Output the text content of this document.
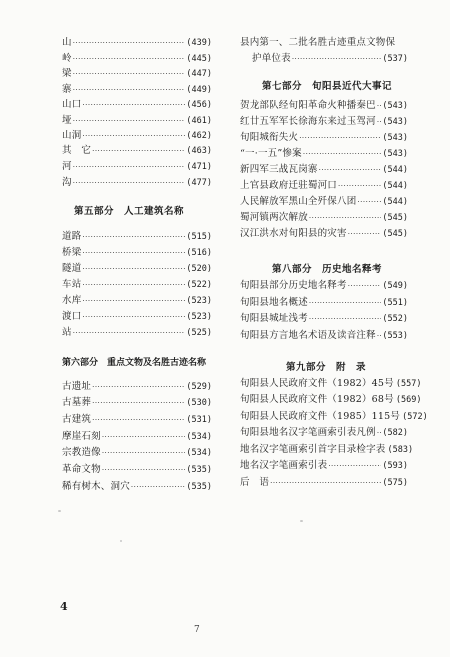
山 ·····	(439)
岭 ·····	(445)
梁 ·····	(447)
寨 ·····	(449)
山口 ·····	(456)
垭 ·····	(461)
山洞 ·····	(462)
其　它 ·····	(463)
河 ·····	(471)
沟 ·····	(477)
第五部分　人工建筑名称
道路 ·····	(515)
桥梁 ·····	(516)
隧道 ·····	(520)
车站 ·····	(522)
水库 ·····	(523)
渡口 ·····	(523)
站 ·····	(525)
第六部分　重点文物及名胜古迹名称
古遗址 ·····	(529)
古墓葬 ·····	(530)
古建筑 ·····	(531)
摩崖石刻 ·····	(534)
宗教造像 ·····	(534)
革命文物 ·····	(535)
稀有树木、洞穴 ·····	(535)
县内第一、二批名胜古迹重点文物保
护单位表 ·····	(537)
第七部分　旬阳县近代大事记
贺龙部队经旬阳革命火种播秦巴 ····· (543)
红廿五军军长徐海东来过玉驾河 ····· (543)
旬阳城衔失火 ·····	(543)
“一·一五”惨案 ·····	(543)
新四军三战瓦岗寨 ·····	(544)
上官县政府迁驻蜀河口 ·····	(544)
人民解放军黑山全歼保八团 ·····	(544)
蜀河镇两次解放 ·····	(545)
汉江洪水对旬阳县的灾害 ·····	(545)
第八部分　历史地名释考
旬阳县部分历史地名释考 ·····	(549)
旬阳县地名概述 ·····	(551)
旬阳县城址浅考 ·····	(552)
旬阳县方言地名术语及读音注释 ····· (553)
第九部分　附　录
旬阳县人民政府文件（1982）45号 (557)
旬阳县人民政府文件（1982）68号 (569)
旬阳县人民政府文件（1985）115号 (572)
旬阳县地名汉字笔画索引表凡例 ····· (582)
地名汉字笔画索引首字目录检字表 (583)
地名汉字笔画索引表 ·····	(593)
后　语 ·····	(575)
4
7
